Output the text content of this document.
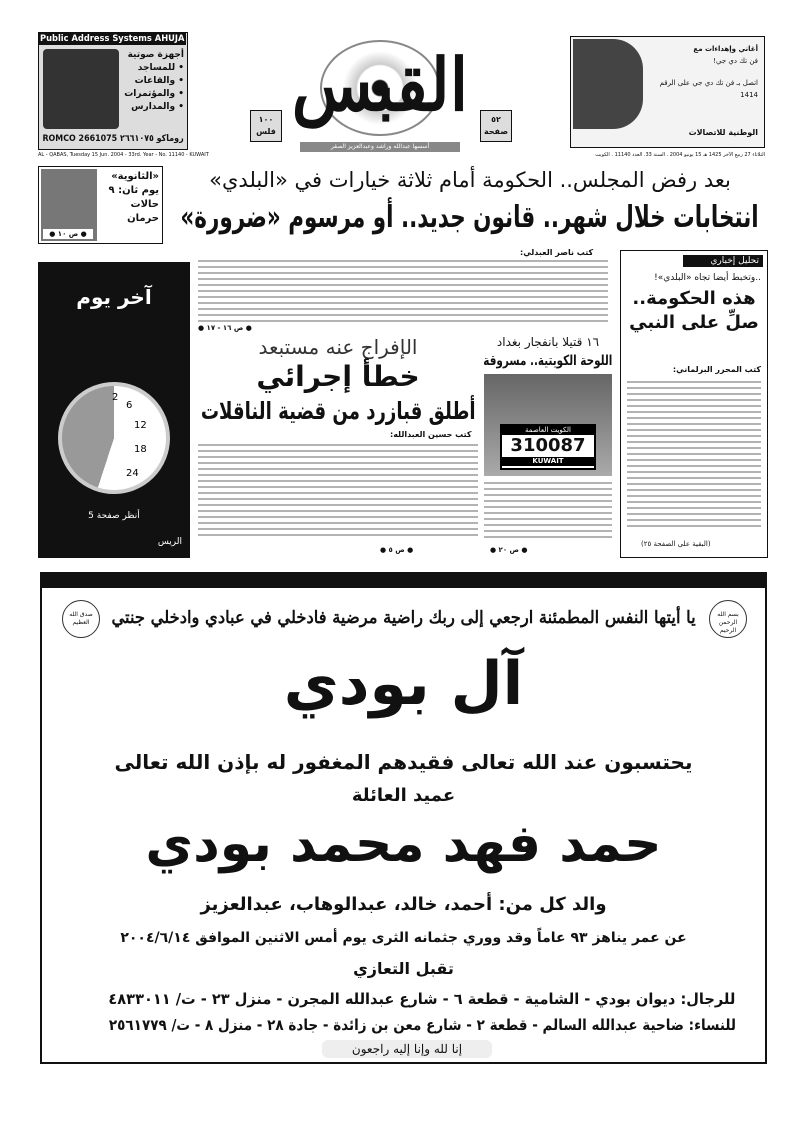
Public Address Systems AHUJA
أجهزة صوتية
• للمساجد
• والقاعات
• والمؤتمرات
• والمدارس
ROMCO 2661075 روماكو ٢٦٦١٠٧٥
AL - QABAS, Tuesday 15 Jun. 2004 - 33rd. Year - No. 11140 - KUWAIT
القبس
١٠٠ فلس
٥٢ صفحة
أسسها عبدالله وراشد وعبدالعزيز الصقر
أغاني وإهداءات مع
فن تك دي جي!
اتصل بـ فن تك دي جي على الرقم 1414
الوطنية للاتصالات
الثلاثاء 27 ربيع الآخر 1425 هـ 15 يونيو 2004 . السنة 33. العدد 11140 . الكويت
«الثانوية» يوم ثان: ٩ حالات حرمان
● ص ١٠ ●
بعد رفض المجلس.. الحكومة أمام ثلاثة خيارات في «البلدي»
انتخابات خلال شهر.. قانون جديد.. أو مرسوم «ضرورة»
آخر يوم
2
6
12
18
24
أنظر صفحة 5
الريس
كتب ناصر العبدلي:
● ص ١٦ - ١٧ ●
الإفراج عنه مستبعد
خطأ إجرائي
أطلق قبازرد من قضية الناقلات
كتب حسين العبدالله:
● ص ٥ ●
١٦ قتيلا بانفجار بغداد
اللوحة الكويتية.. مسروقة
الكويت العاصمة
310087
KUWAIT
● ص ٢٠ ●
تحليل إخباري
..وتخبط أيضا تجاه «البلدي»!
هذه الحكومة.. صلِّ على النبي
كتب المحرر البرلماني:
(البقية على الصفحة ٢٥)
صدق الله العظيم	يا أيتها النفس المطمئنة ارجعي إلى ربك راضية مرضية فادخلي في عبادي وادخلي جنتي	بسم الله الرحمن الرحيم
آل بودي
يحتسبون عند الله تعالى فقيدهم المغفور له بإذن الله تعالى
عميد العائلة
حمد فهد محمد بودي
والد كل من: أحمد، خالد، عبدالوهاب، عبدالعزيز
عن عمر يناهز ٩٣ عاماً وقد ووري جثمانه الثرى يوم أمس الاثنين الموافق ٢٠٠٤/٦/١٤
تقبل التعازي
للرجال: ديوان بودي - الشامية - قطعة ٦ - شارع عبدالله المجرن - منزل ٢٣ - ت/ ٤٨٣٣٠١١
للنساء: ضاحية عبدالله السالم - قطعة ٢ - شارع معن بن زائدة - جادة ٢٨ - منزل ٨ - ت/ ٢٥٦١٧٧٩
إنا لله وإنا إليه راجعون
